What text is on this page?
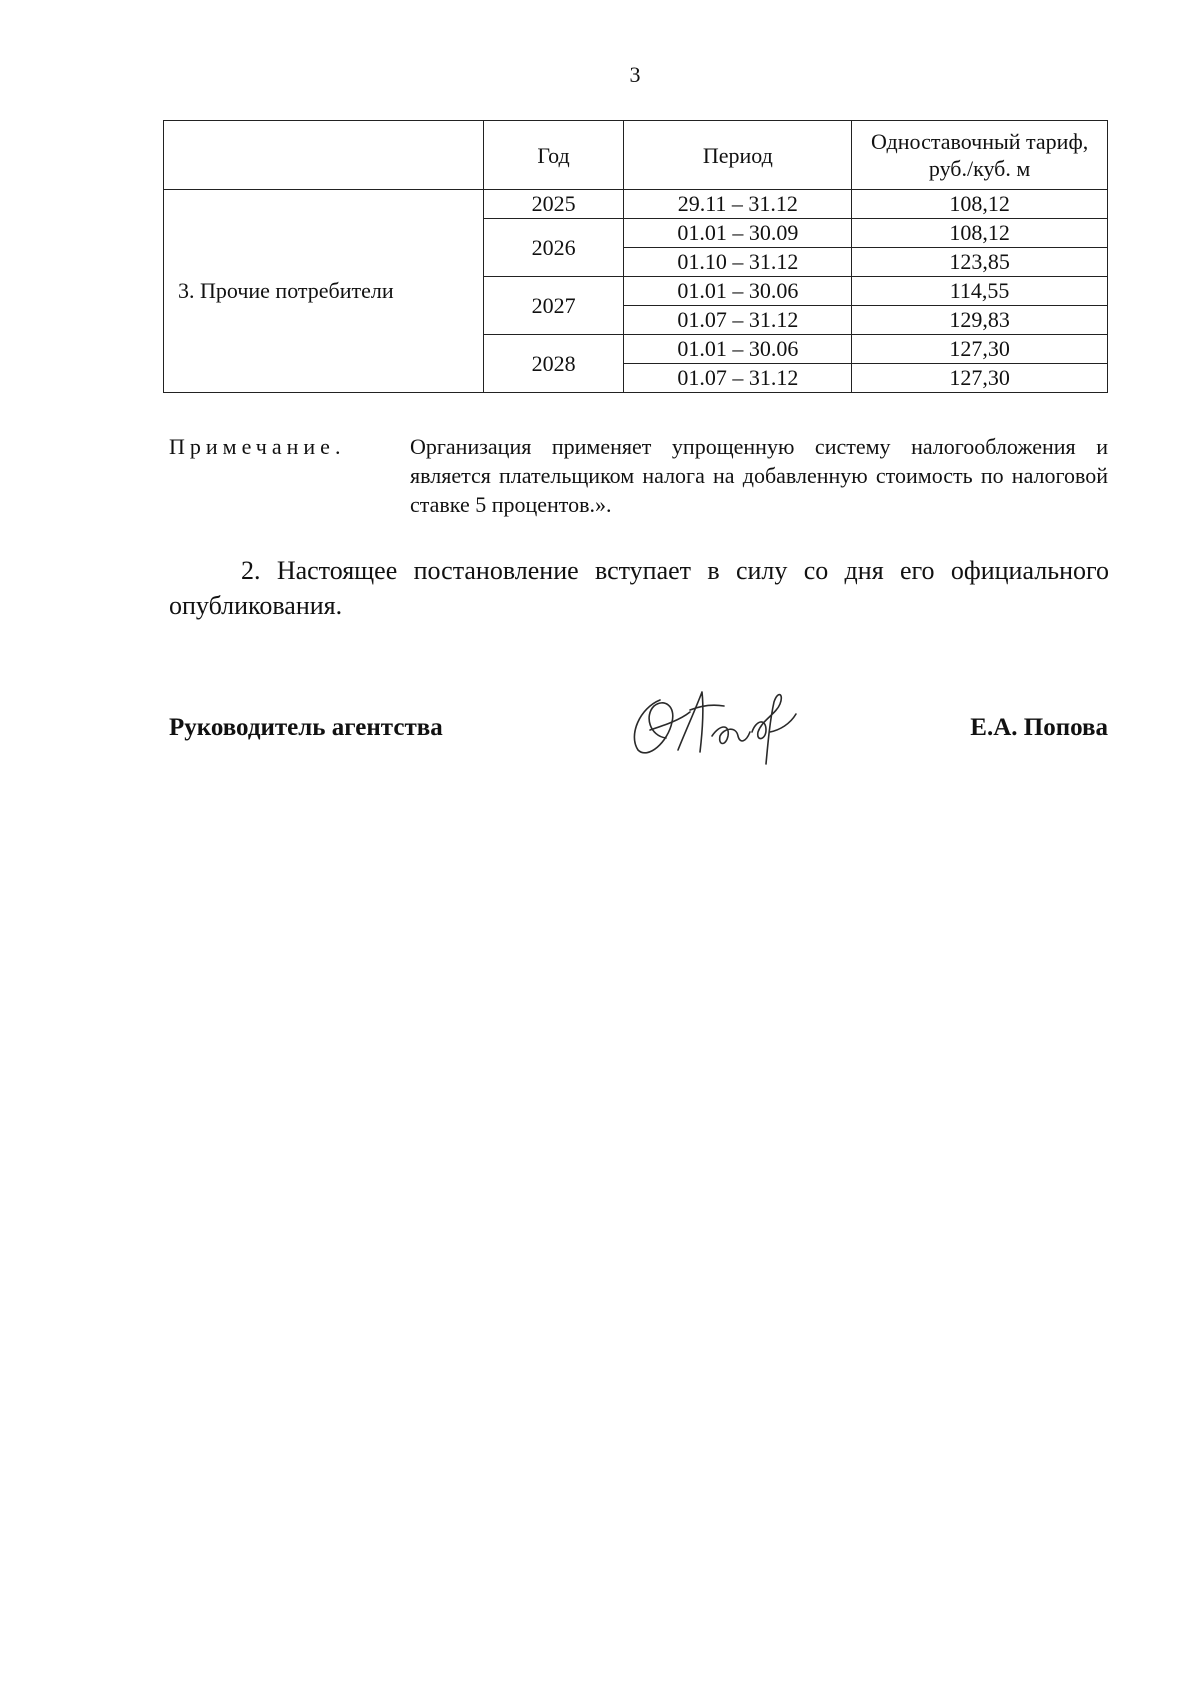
3
	Год	Период	Одноставочный тариф,
руб./куб. м
3. Прочие потребители	2025	29.11 – 31.12	108,12
	2026	01.01 – 30.09	108,12
		01.10 – 31.12	123,85
	2027	01.01 – 30.06	114,55
		01.07 – 31.12	129,83
	2028	01.01 – 30.06	127,30
		01.07 – 31.12	127,30
Примечание.	Организация применяет упрощенную систему налогообложения и является плательщиком налога на добавленную стоимость по налоговой ставке 5 процентов.».
2. Настоящее постановление вступает в силу со дня его официального опубликования.
Руководитель агентства	Е.А. Попова
